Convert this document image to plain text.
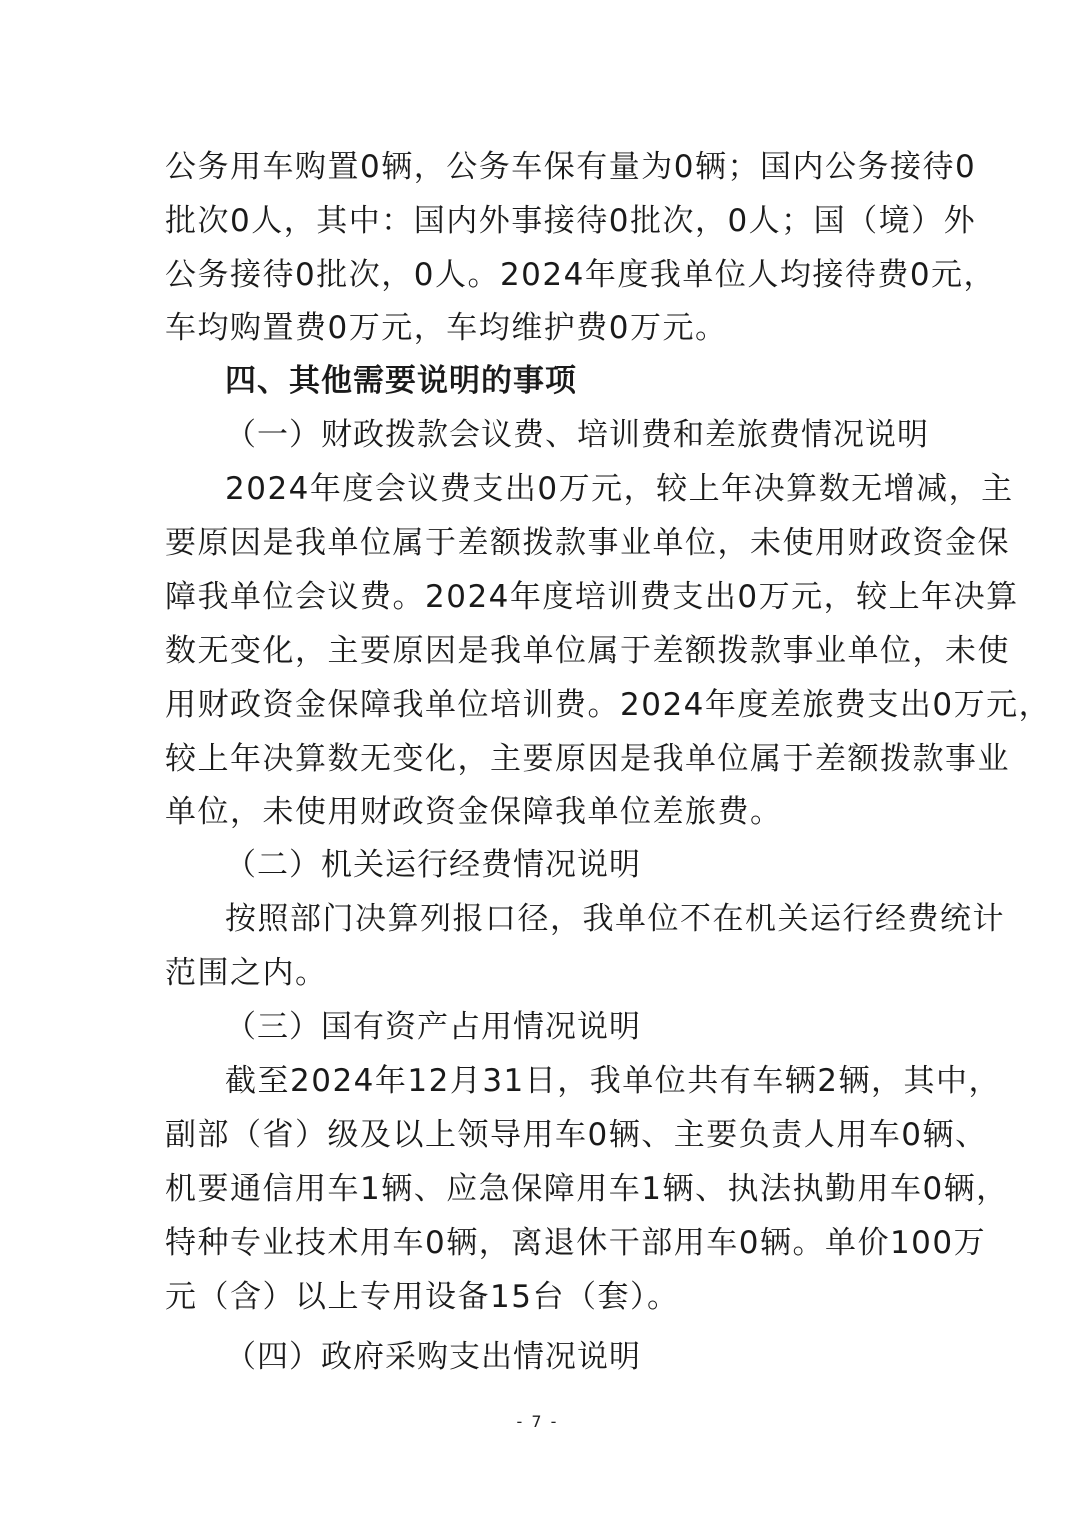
公务用车购置0辆，公务车保有量为0辆；国内公务接待0
批次0人，其中：国内外事接待0批次，0人；国（境）外
公务接待0批次，0人。2024年度我单位人均接待费0元，
车均购置费0万元，车均维护费0万元。
四、其他需要说明的事项
（一）财政拨款会议费、培训费和差旅费情况说明
2024年度会议费支出0万元，较上年决算数无增减，主
要原因是我单位属于差额拨款事业单位，未使用财政资金保
障我单位会议费。2024年度培训费支出0万元，较上年决算
数无变化，主要原因是我单位属于差额拨款事业单位，未使
用财政资金保障我单位培训费。2024年度差旅费支出0万元，
较上年决算数无变化，主要原因是我单位属于差额拨款事业
单位，未使用财政资金保障我单位差旅费。
（二）机关运行经费情况说明
按照部门决算列报口径，我单位不在机关运行经费统计
范围之内。
（三）国有资产占用情况说明
截至2024年12月31日，我单位共有车辆2辆，其中，
副部（省）级及以上领导用车0辆、主要负责人用车0辆、
机要通信用车1辆、应急保障用车1辆、执法执勤用车0辆，
特种专业技术用车0辆，离退休干部用车0辆。单价100万
元（含）以上专用设备15台（套）。
（四）政府采购支出情况说明
- 7 -
